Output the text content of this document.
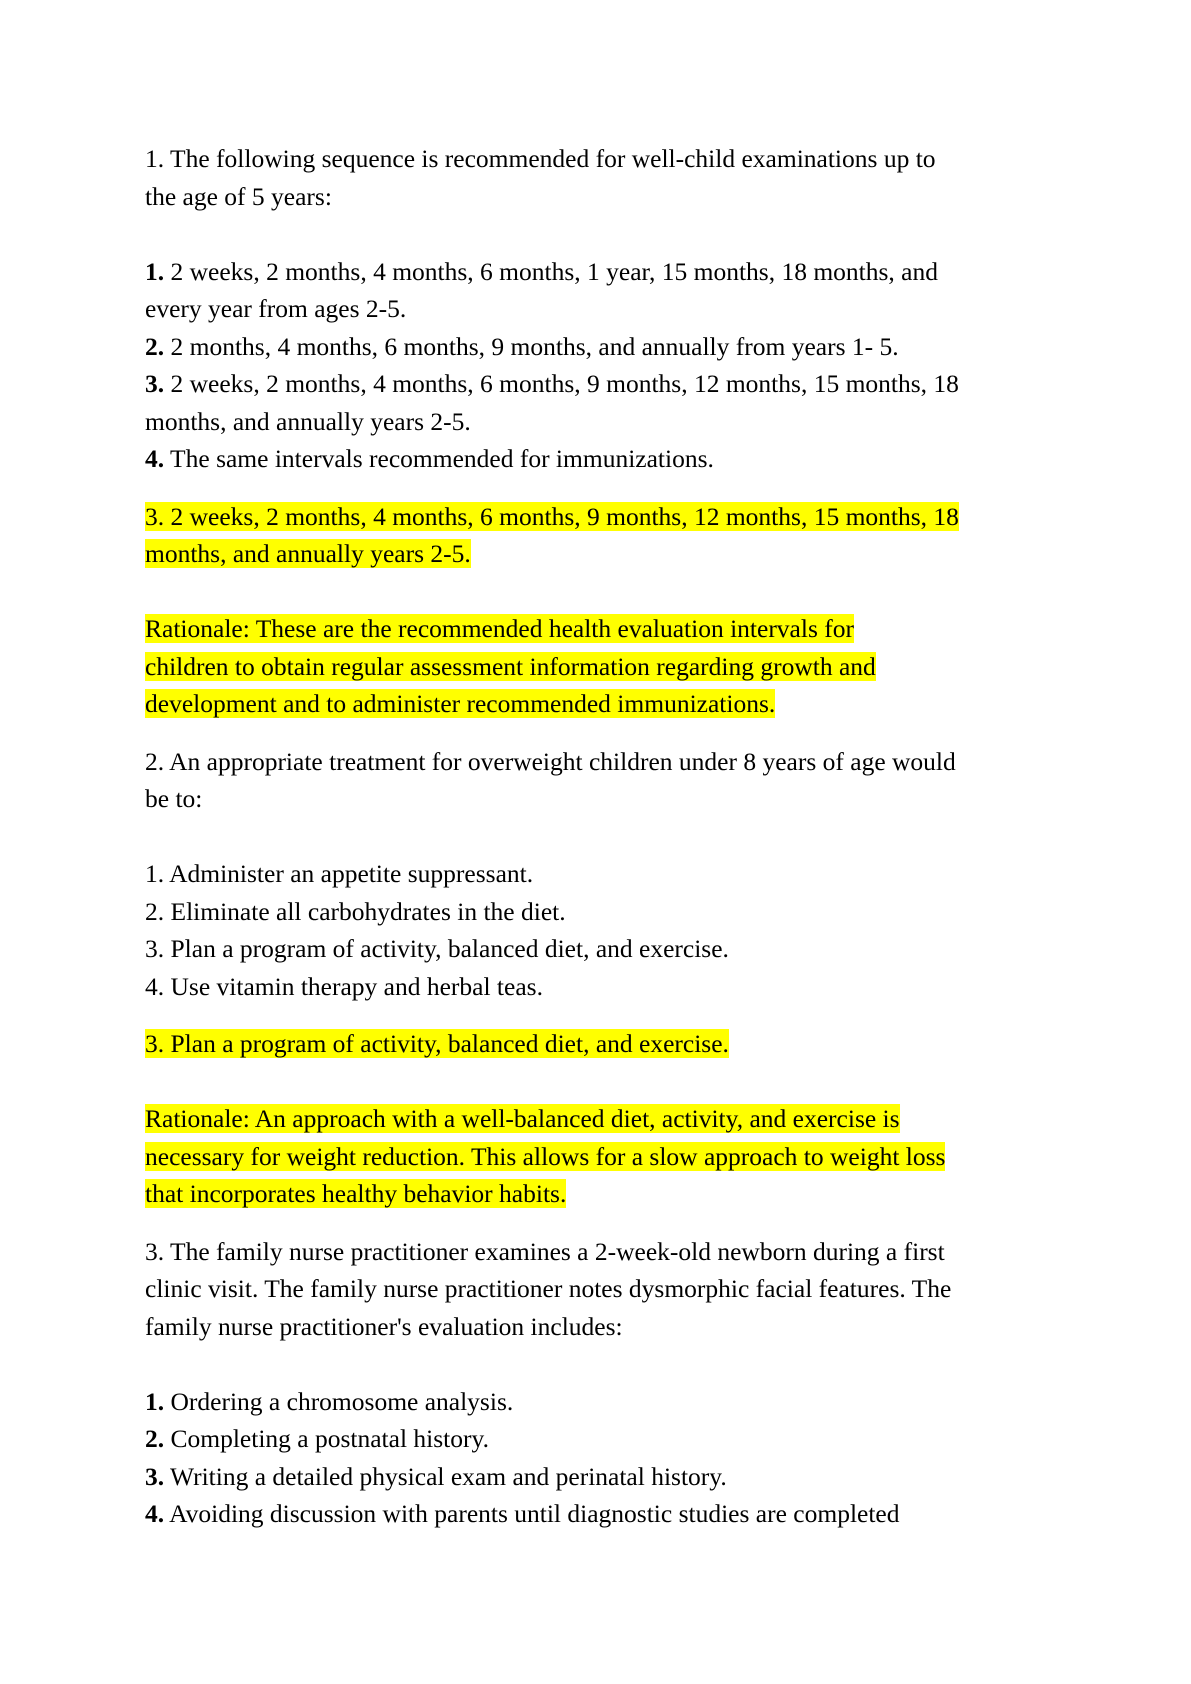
1. The following sequence is recommended for well-child examinations up to
the age of 5 years:
1. 2 weeks, 2 months, 4 months, 6 months, 1 year, 15 months, 18 months, and
every year from ages 2-5.
2. 2 months, 4 months, 6 months, 9 months, and annually from years 1- 5.
3. 2 weeks, 2 months, 4 months, 6 months, 9 months, 12 months, 15 months, 18
months, and annually years 2-5.
4. The same intervals recommended for immunizations.
3. 2 weeks, 2 months, 4 months, 6 months, 9 months, 12 months, 15 months, 18
months, and annually years 2-5.
Rationale: These are the recommended health evaluation intervals for
children to obtain regular assessment information regarding growth and
development and to administer recommended immunizations.
2. An appropriate treatment for overweight children under 8 years of age would
be to:
1. Administer an appetite suppressant.
2. Eliminate all carbohydrates in the diet.
3. Plan a program of activity, balanced diet, and exercise.
4. Use vitamin therapy and herbal teas.
3. Plan a program of activity, balanced diet, and exercise.
Rationale: An approach with a well-balanced diet, activity, and exercise is
necessary for weight reduction. This allows for a slow approach to weight loss
that incorporates healthy behavior habits.
3. The family nurse practitioner examines a 2-week-old newborn during a first
clinic visit. The family nurse practitioner notes dysmorphic facial features. The
family nurse practitioner's evaluation includes:
1. Ordering a chromosome analysis.
2. Completing a postnatal history.
3. Writing a detailed physical exam and perinatal history.
4. Avoiding discussion with parents until diagnostic studies are completed
